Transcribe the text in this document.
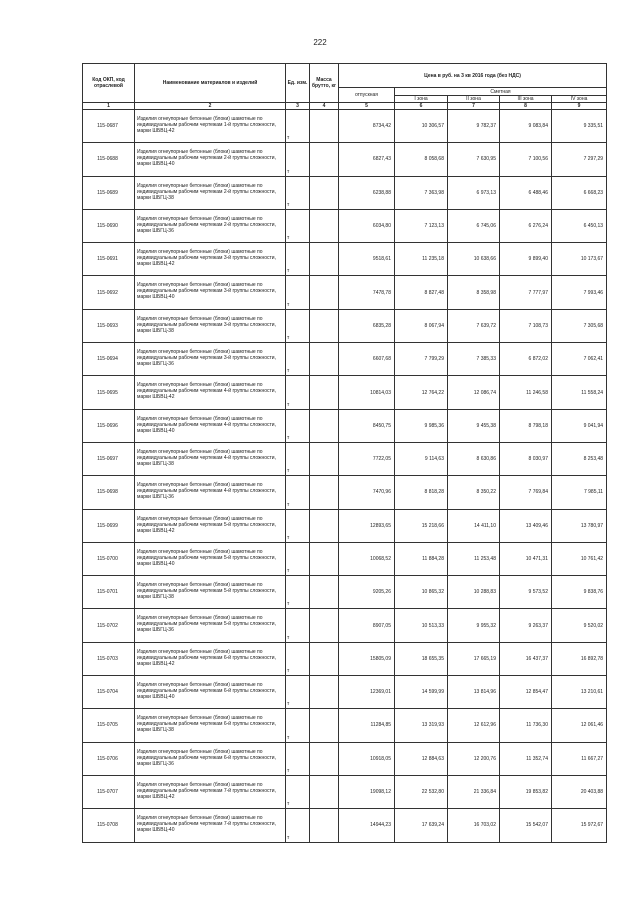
222
Код ОКП, код отраслевой	Наименование материалов и изделий	Ед. изм.	Масса брутто, кг	Цена в руб. на 3 кв 2016 года (без НДС)				
				отпускная	Сметная			
					I зона	II зона	III зона	IV зона

1	2	3	4	5	6	7	8	9
115-0687	Изделия огнеупорные бетонные (блоки) шамотные по индивидуальным рабочим чертежам 1-й группы сложности, марки ШБВЦ-42	т		8734,42	10 306,57	9 782,37	9 083,84	9 335,51
115-0688	Изделия огнеупорные бетонные (блоки) шамотные по индивидуальным рабочим чертежам 2-й группы сложности, марки ШБВЦ-40	т		6827,43	8 058,68	7 630,95	7 100,56	7 297,29
115-0689	Изделия огнеупорные бетонные (блоки) шамотные по индивидуальным рабочим чертежам 2-й группы сложности, марки ШБГЦ-38	т		6238,88	7 363,98	6 973,13	6 488,46	6 668,23
115-0690	Изделия огнеупорные бетонные (блоки) шамотные по индивидуальным рабочим чертежам 2-й группы сложности, марки ШБГЦ-36	т		6034,80	7 123,13	6 745,06	6 276,24	6 450,13
115-0691	Изделия огнеупорные бетонные (блоки) шамотные по индивидуальным рабочим чертежам 3-й группы сложности, марки ШБВЦ-42	т		9518,61	11 235,18	10 638,66	9 899,40	10 173,67
115-0692	Изделия огнеупорные бетонные (блоки) шамотные по индивидуальным рабочим чертежам 3-й группы сложности, марки ШБВЦ-40	т		7478,78	8 827,48	8 358,98	7 777,97	7 993,46
115-0693	Изделия огнеупорные бетонные (блоки) шамотные по индивидуальным рабочим чертежам 3-й группы сложности, марки ШБГЦ-38	т		6835,28	8 067,94	7 639,72	7 108,73	7 305,68
115-0694	Изделия огнеупорные бетонные (блоки) шамотные по индивидуальным рабочим чертежам 3-й группы сложности, марки ШБГЦ-36	т		6607,68	7 799,29	7 385,33	6 872,02	7 062,41
115-0695	Изделия огнеупорные бетонные (блоки) шамотные по индивидуальным рабочим чертежам 4-й группы сложности, марки ШБВЦ-42	т		10814,03	12 764,22	12 086,74	11 246,58	11 558,24
115-0696	Изделия огнеупорные бетонные (блоки) шамотные по индивидуальным рабочим чертежам 4-й группы сложности, марки ШБВЦ-40	т		8450,75	9 985,36	9 455,38	8 798,18	9 041,94
115-0697	Изделия огнеупорные бетонные (блоки) шамотные по индивидуальным рабочим чертежам 4-й группы сложности, марки ШБГЦ-38	т		7722,05	9 114,63	8 630,86	8 030,97	8 253,48
115-0698	Изделия огнеупорные бетонные (блоки) шамотные по индивидуальным рабочим чертежам 4-й группы сложности, марки ШБГЦ-36	т		7470,96	8 818,28	8 350,22	7 769,84	7 985,11
115-0699	Изделия огнеупорные бетонные (блоки) шамотные по индивидуальным рабочим чертежам 5-й группы сложности, марки ШБВЦ-42	т		12893,65	15 218,66	14 411,10	13 409,46	13 780,97
115-0700	Изделия огнеупорные бетонные (блоки) шамотные по индивидуальным рабочим чертежам 5-й группы сложности, марки ШБВЦ-40	т		10068,52	11 884,28	11 253,48	10 471,31	10 761,42
115-0701	Изделия огнеупорные бетонные (блоки) шамотные по индивидуальным рабочим чертежам 5-й группы сложности, марки ШБГЦ-38	т		9205,26	10 865,32	10 288,83	9 573,52	9 838,76
115-0702	Изделия огнеупорные бетонные (блоки) шамотные по индивидуальным рабочим чертежам 5-й группы сложности, марки ШБГЦ-36	т		8907,05	10 513,33	9 955,32	9 263,37	9 520,02
115-0703	Изделия огнеупорные бетонные (блоки) шамотные по индивидуальным рабочим чертежам 6-й группы сложности, марки ШБВЦ-42	т		15805,09	18 655,35	17 665,19	16 437,37	16 892,78
115-0704	Изделия огнеупорные бетонные (блоки) шамотные по индивидуальным рабочим чертежам 6-й группы сложности, марки ШБВЦ-40	т		12369,01	14 599,99	13 814,96	12 854,47	13 210,61
115-0705	Изделия огнеупорные бетонные (блоки) шамотные по индивидуальным рабочим чертежам 6-й группы сложности, марки ШБГЦ-38	т		11284,85	13 319,93	12 612,96	11 736,30	12 061,46
115-0706	Изделия огнеупорные бетонные (блоки) шамотные по индивидуальным рабочим чертежам 6-й группы сложности, марки ШБГЦ-36	т		10918,05	12 884,63	12 200,76	11 352,74	11 667,27
115-0707	Изделия огнеупорные бетонные (блоки) шамотные по индивидуальным рабочим чертежам 7-й группы сложности, марки ШБВЦ-42	т		19098,12	22 532,80	21 336,84	19 853,82	20 403,88
115-0708	Изделия огнеупорные бетонные (блоки) шамотные по индивидуальным рабочим чертежам 7-й группы сложности, марки ШБВЦ-40	т		14944,23	17 639,24	16 703,02	15 542,07	15 972,67
